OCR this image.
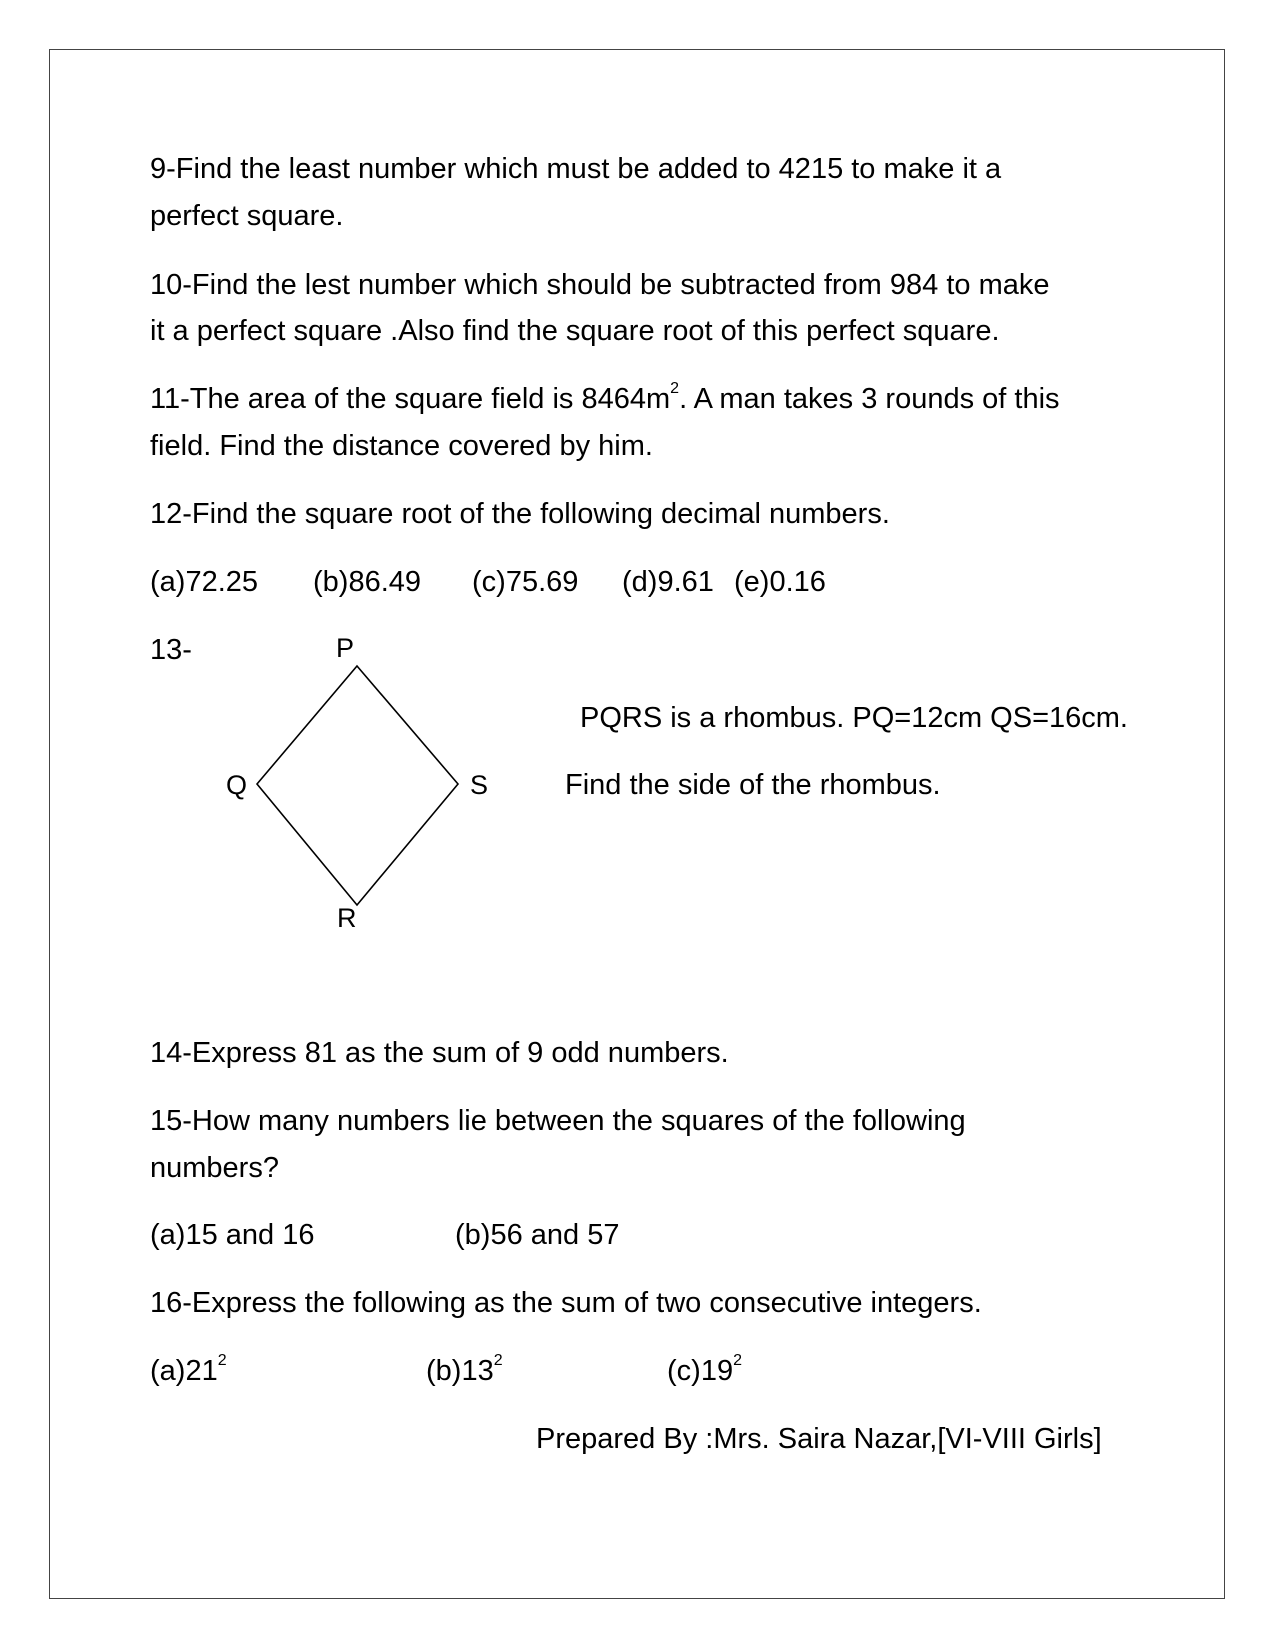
9-Find the least number which must be added to 4215 to make it a

perfect square.

10-Find the lest number which should be subtracted from 984 to make

it a perfect square .Also find the square root of this perfect square.

11-The area of the square field is $8464m^2$. A man takes 3 rounds of this

field. Find the distance covered by him.

12-Find the square root of the following decimal numbers.

(a)72.25 (b)86.49 (c)75.69 (d)9.61 (e)0.16
13-	P
Q	S
R
PQRS is a rhombus. PQ=12cm QS=16cm.
Find the side of the rhombus.

14-Express 81 as the sum of 9 odd numbers.

15-How many numbers lie between the squares of the following

numbers?

(a)15 and 16	(b)56 and 57

16-Express the following as the sum of two consecutive integers.

$(a)21^2$	$(b)13^2$	$(c)19^2$
Prepared By :Mrs. Saira Nazar,[VI-VIII Girls]
